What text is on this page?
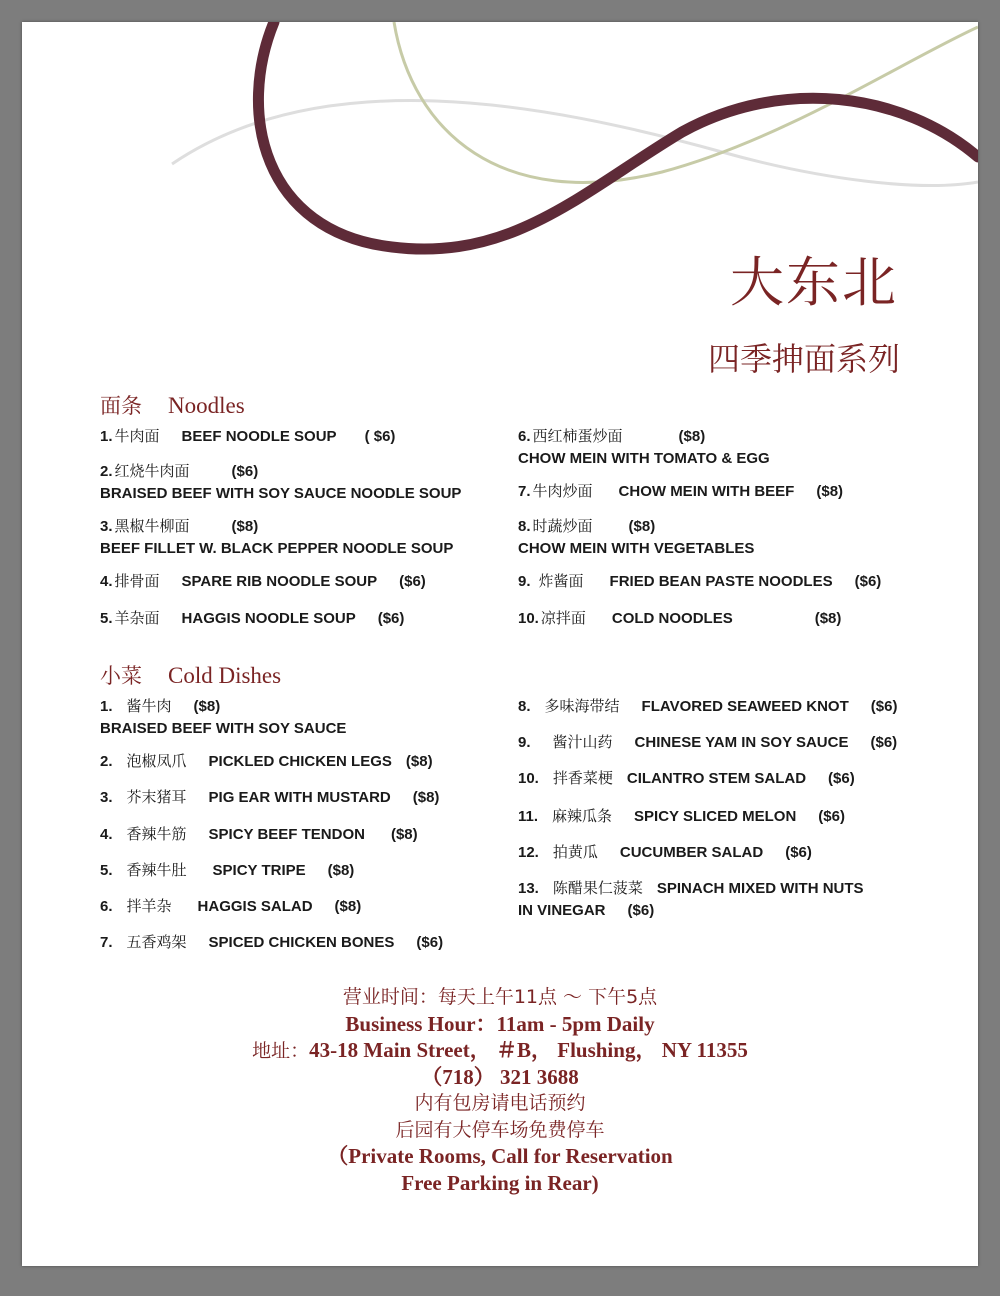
大东北
四季抻面系列
面条 Noodles
1. 牛肉面 BEEF NOODLE SOUP ( $6)
2. 红烧牛肉面	($6)
BRAISED BEEF WITH SOY SAUCE NOODLE SOUP
3. 黑椒牛柳面	($8)
BEEF FILLET W. BLACK PEPPER NOODLE SOUP
4. 排骨面 SPARE RIB NOODLE SOUP ($6)
5. 羊杂面 HAGGIS NOODLE SOUP ($6)
6. 西红柿蛋炒面	($8)
CHOW MEIN WITH TOMATO & EGG
7. 牛肉炒面 CHOW MEIN WITH BEEF ($8)
8. 时蔬炒面 ($8)
CHOW MEIN WITH VEGETABLES
9. 炸酱面 FRIED BEAN PASTE NOODLES ($6)
10. 凉拌面 COLD NOODLES	($8)
小菜 Cold Dishes
1. 酱牛肉 ($8)
BRAISED BEEF WITH SOY SAUCE
2. 泡椒凤爪 PICKLED CHICKEN LEGS ($8)
3. 芥末猪耳 PIG EAR WITH MUSTARD ($8)
4. 香辣牛筋 SPICY BEEF TENDON ($8)
5. 香辣牛肚 SPICY TRIPE ($8)
6. 拌羊杂 HAGGIS SALAD ($8)
7. 五香鸡架 SPICED CHICKEN BONES ($6)
8. 多味海带结 FLAVORED SEAWEED KNOT ($6)
9. 酱汁山药 CHINESE YAM IN SOY SAUCE ($6)
10. 拌香菜梗 CILANTRO STEM SALAD ($6)
11. 麻辣瓜条 SPICY SLICED MELON ($6)
12. 拍黄瓜 CUCUMBER SALAD ($6)
13. 陈醋果仁菠菜 SPINACH MIXED WITH NUTS
IN VINEGAR ($6)
营业时间：每天上午11点 ～ 下午5点
Business Hour：11am - 5pm Daily
地址：43-18 Main Street， ＃B， Flushing， NY 11355
（718） 321 3688
内有包房请电话预约
后园有大停车场免费停车
（Private Rooms, Call for Reservation
Free Parking in Rear)
